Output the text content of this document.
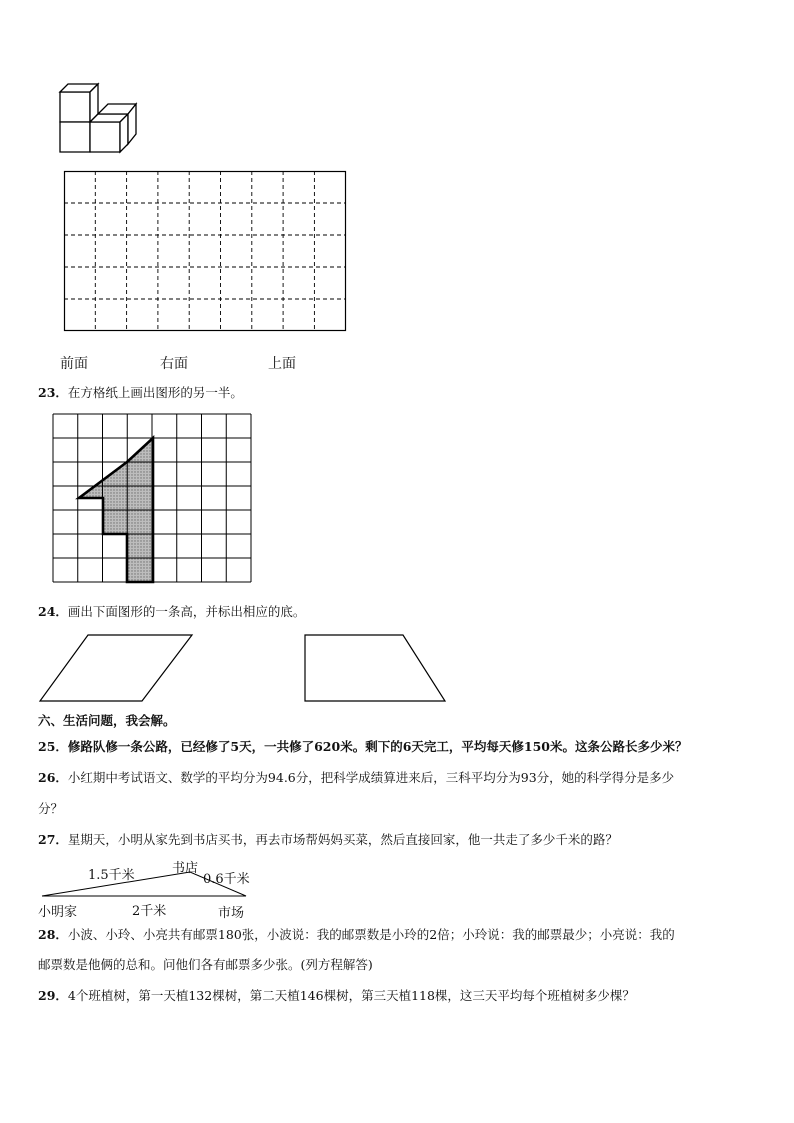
前面	右面	上面
23．在方格纸上画出图形的另一半。
24．画出下面图形的一条高，并标出相应的底。
六、生活问题，我会解。
25．修路队修一条公路，已经修了5天，一共修了620米。剩下的6天完工，平均每天修150米。这条公路长多少米？
26．小红期中考试语文、数学的平均分为94.6分，把科学成绩算进来后，三科平均分为93分，她的科学得分是多少
分？
27．星期天，小明从家先到书店买书，再去市场帮妈妈买菜，然后直接回家，他一共走了多少千米的路？
书店
1.5千米	0.6千米
小明家	2千米	市场
28．小波、小玲、小亮共有邮票180张，小波说：我的邮票数是小玲的2倍；小玲说：我的邮票最少；小亮说：我的
邮票数是他俩的总和。问他们各有邮票多少张。(列方程解答)
29．4个班植树，第一天植132棵树，第二天植146棵树，第三天植118棵，这三天平均每个班植树多少棵？
